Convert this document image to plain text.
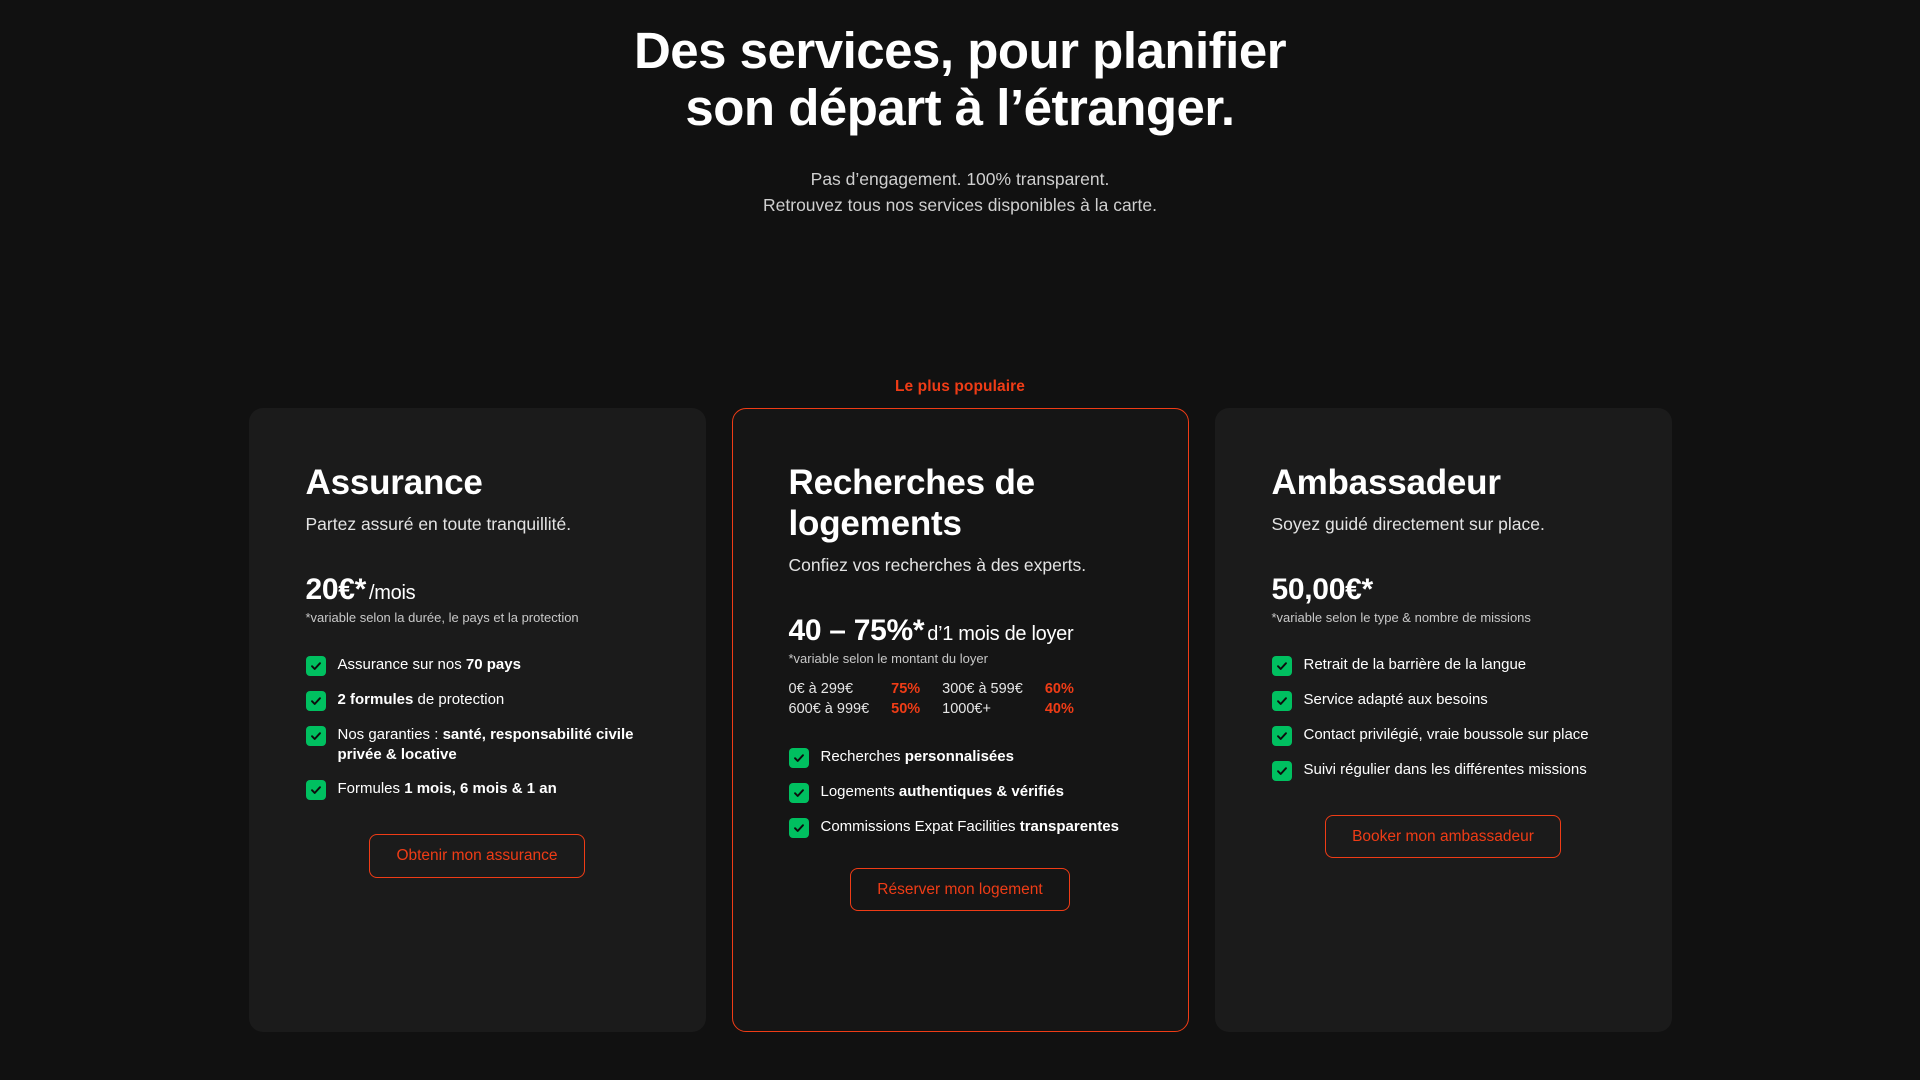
Des services, pour planifier
son départ à l’étranger.

Pas d’engagement. 100% transparent.
Retrouvez tous nos services disponibles à la carte.

Le plus populaire
Assurance
Partez assuré en toute tranquillité.
20€* /mois
*variable selon la durée, le pays et la protection
Assurance sur nos 70 pays
2 formules de protection
Nos garanties : santé, responsabilité civile privée & locative
Formules 1 mois, 6 mois & 1 an
Obtenir mon assurance
Recherches de logements
Confiez vos recherches à des experts.
40 – 75%* d’1 mois de loyer
*variable selon le montant du loyer
0€ à 299€	75% 300€ à 599€ 60%
600€ à 999€ 50% 1000€+	40%
Recherches personnalisées
Logements authentiques & vérifiés
Commissions Expat Facilities transparentes
Réserver mon logement
Ambassadeur
Soyez guidé directement sur place.
50,00€*
*variable selon le type & nombre de missions
Retrait de la barrière de la langue
Service adapté aux besoins
Contact privilégié, vraie boussole sur place
Suivi régulier dans les différentes missions
Booker mon ambassadeur
